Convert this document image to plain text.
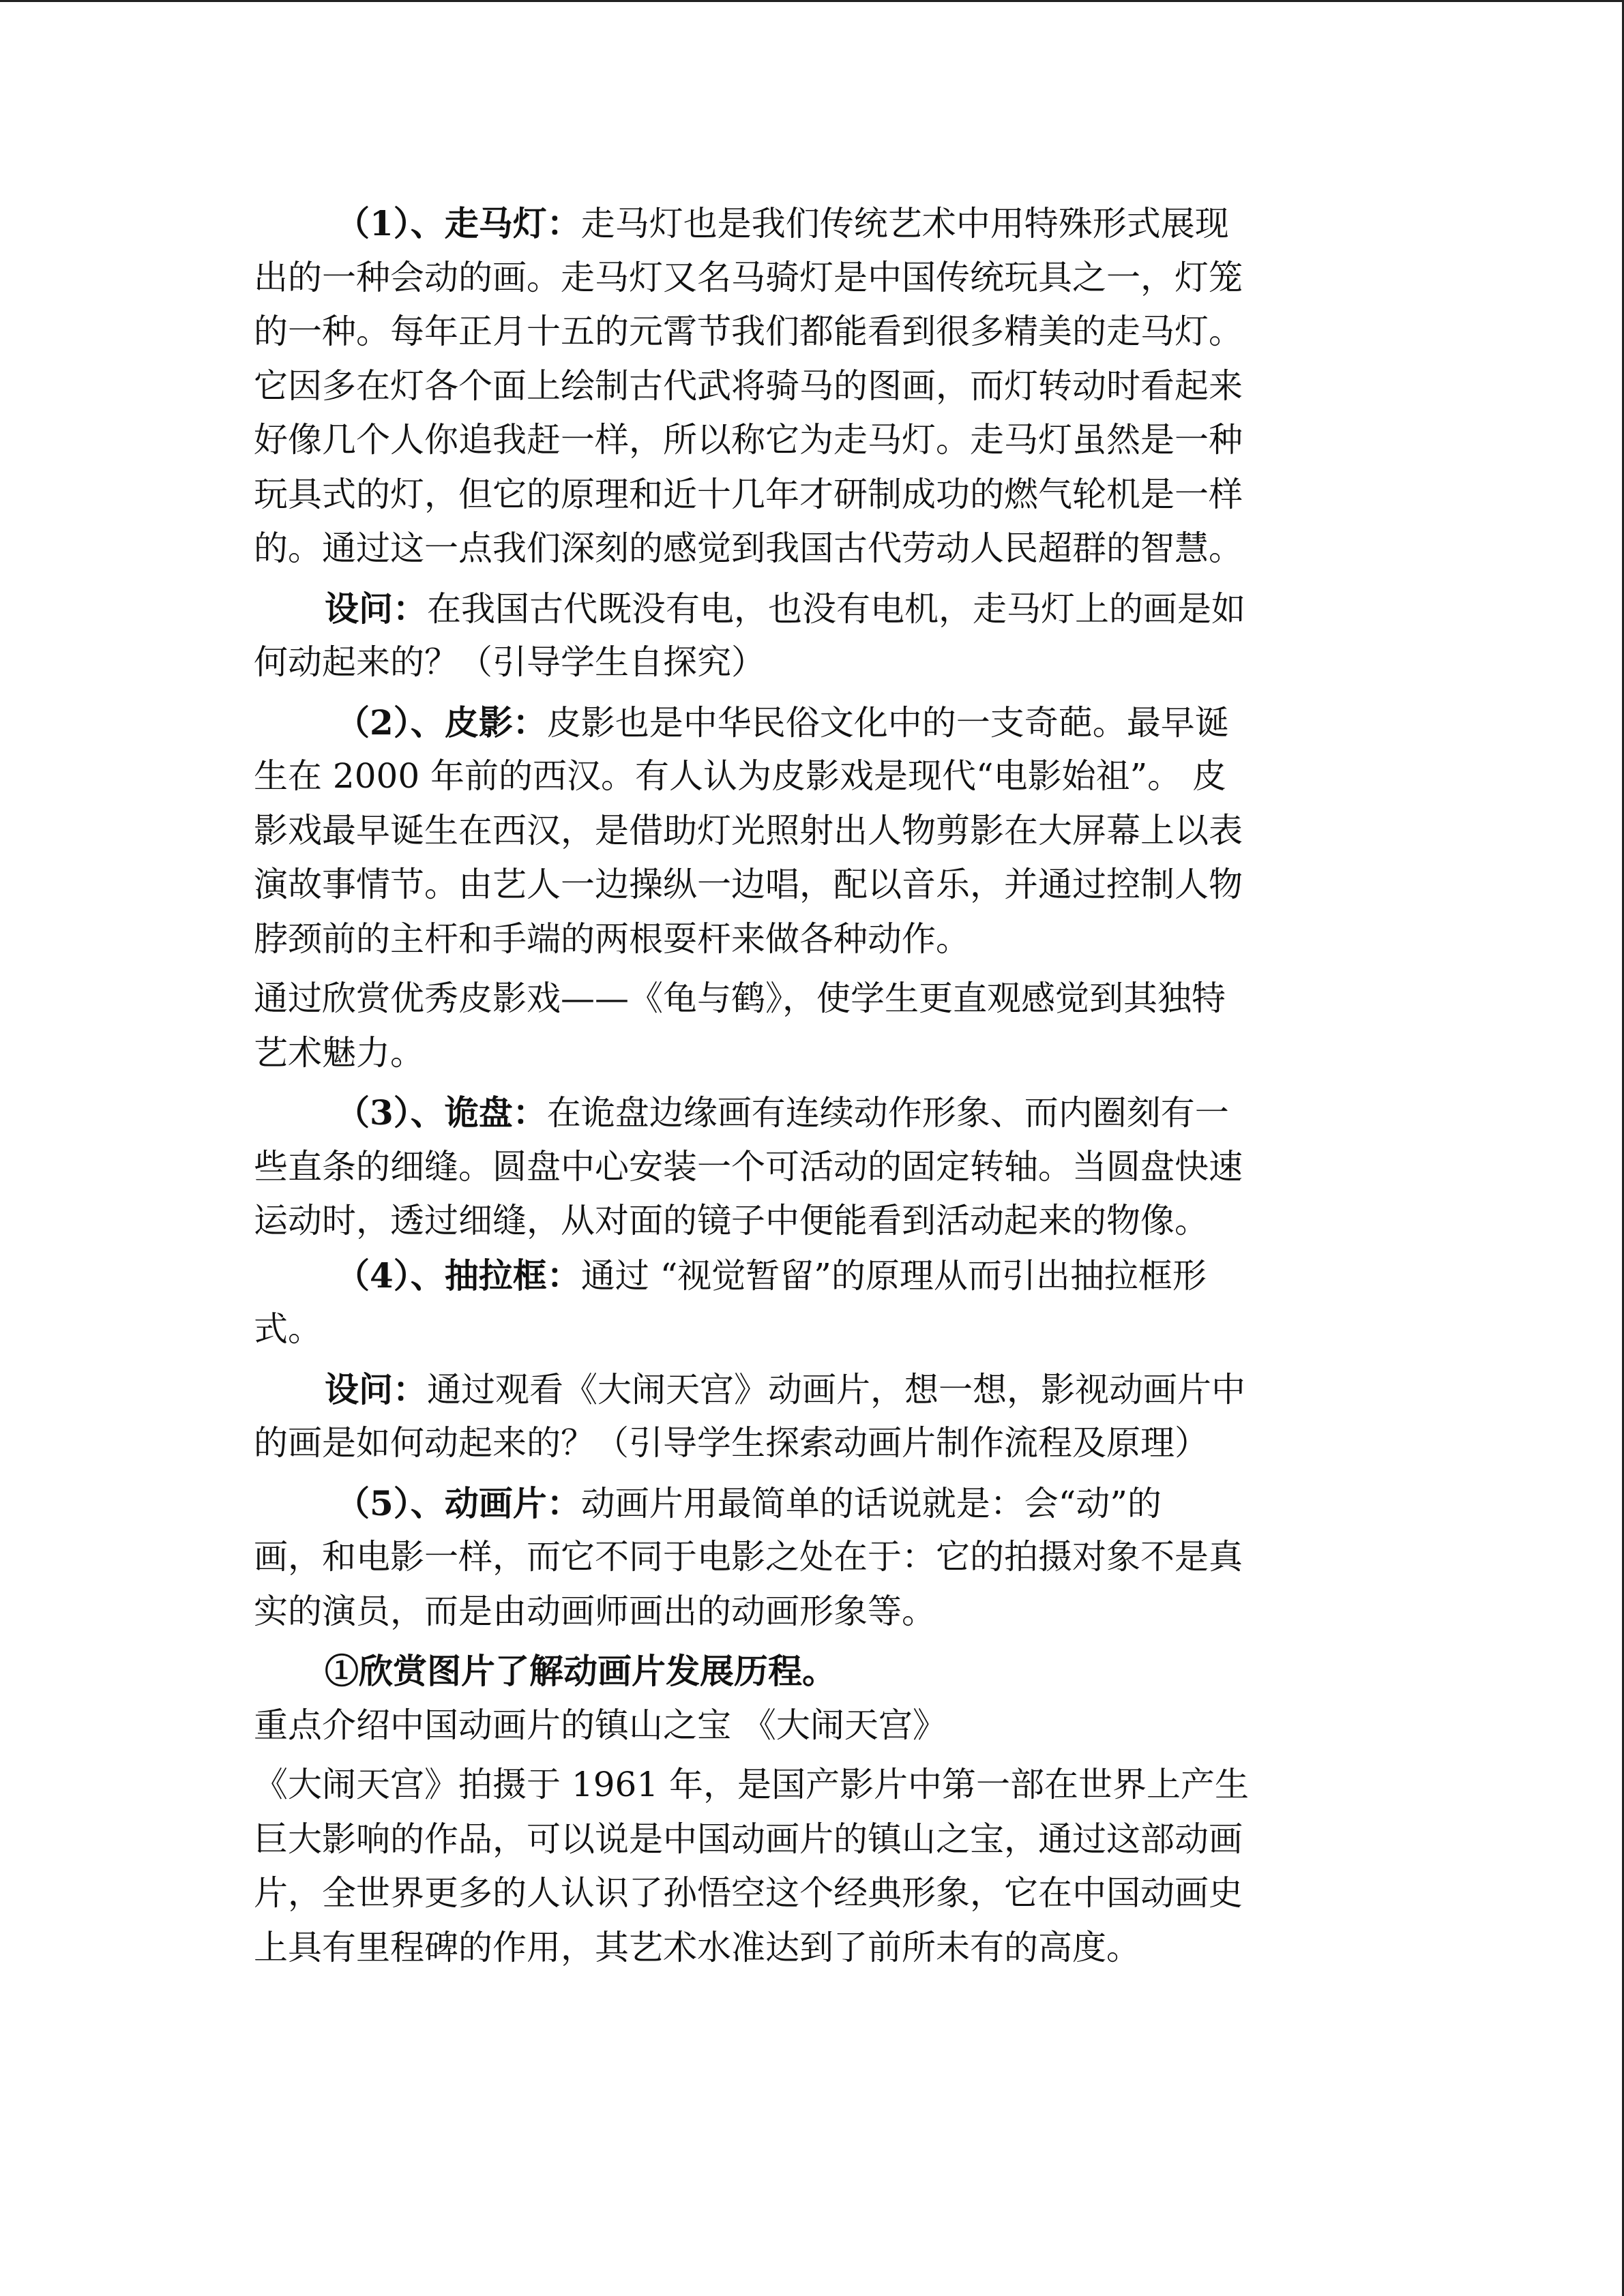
（1）、走马灯：走马灯也是我们传统艺术中用特殊形式展现
出的一种会动的画。走马灯又名马骑灯是中国传统玩具之一，灯笼
的一种。每年正月十五的元霄节我们都能看到很多精美的走马灯。
它因多在灯各个面上绘制古代武将骑马的图画，而灯转动时看起来
好像几个人你追我赶一样，所以称它为走马灯。走马灯虽然是一种
玩具式的灯，但它的原理和近十几年才研制成功的燃气轮机是一样
的。通过这一点我们深刻的感觉到我国古代劳动人民超群的智慧。
设问：在我国古代既没有电，也没有电机，走马灯上的画是如
何动起来的？（引导学生自探究）
（2）、皮影：皮影也是中华民俗文化中的一支奇葩。最早诞
生在 2000 年前的西汉。有人认为皮影戏是现代“电影始祖”。 皮
影戏最早诞生在西汉，是借助灯光照射出人物剪影在大屏幕上以表
演故事情节。由艺人一边操纵一边唱，配以音乐，并通过控制人物
脖颈前的主杆和手端的两根耍杆来做各种动作。
通过欣赏优秀皮影戏——《龟与鹤》，使学生更直观感觉到其独特
艺术魅力。
（3）、诡盘：在诡盘边缘画有连续动作形象、而内圈刻有一
些直条的细缝。圆盘中心安装一个可活动的固定转轴。当圆盘快速
运动时，透过细缝，从对面的镜子中便能看到活动起来的物像。
（4）、抽拉框：通过 “视觉暂留”的原理从而引出抽拉框形
式。
设问：通过观看《大闹天宫》动画片，想一想，影视动画片中
的画是如何动起来的？（引导学生探索动画片制作流程及原理）
（5）、动画片：动画片用最简单的话说就是：会“动”的
画，和电影一样，而它不同于电影之处在于：它的拍摄对象不是真
实的演员，而是由动画师画出的动画形象等。
①欣赏图片了解动画片发展历程。
重点介绍中国动画片的镇山之宝 《大闹天宫》
《大闹天宫》拍摄于 1961 年，是国产影片中第一部在世界上产生
巨大影响的作品，可以说是中国动画片的镇山之宝，通过这部动画
片，全世界更多的人认识了孙悟空这个经典形象，它在中国动画史
上具有里程碑的作用，其艺术水准达到了前所未有的高度。
